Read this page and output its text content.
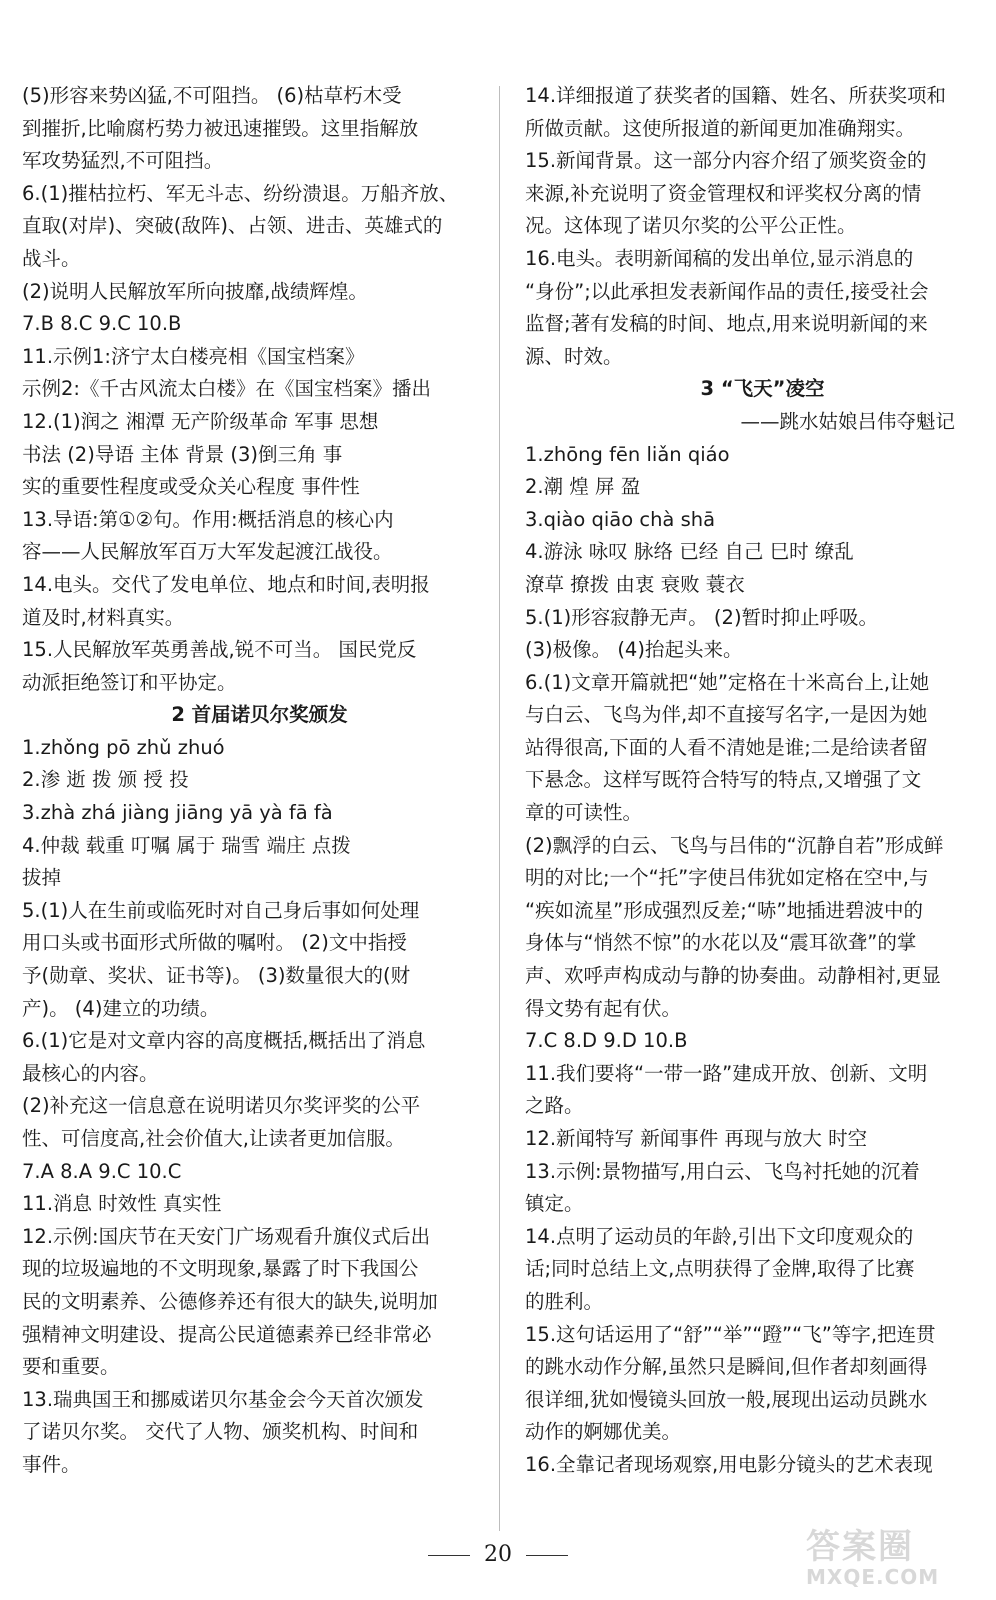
(5)形容来势凶猛,不可阻挡。 (6)枯草朽木受
到摧折,比喻腐朽势力被迅速摧毁。这里指解放
军攻势猛烈,不可阻挡。
6.(1)摧枯拉朽、军无斗志、纷纷溃退。万船齐放、
直取(对岸)、突破(敌阵)、占领、进击、英雄式的
战斗。
(2)说明人民解放军所向披靡,战绩辉煌。
7.B 8.C 9.C 10.B
11.示例1:济宁太白楼亮相《国宝档案》
示例2:《千古风流太白楼》在《国宝档案》播出
12.(1)润之 湘潭 无产阶级革命 军事 思想
书法 (2)导语 主体 背景 (3)倒三角 事
实的重要性程度或受众关心程度 事件性
13.导语:第①②句。作用:概括消息的核心内
容——人民解放军百万大军发起渡江战役。
14.电头。交代了发电单位、地点和时间,表明报
道及时,材料真实。
15.人民解放军英勇善战,锐不可当。 国民党反
动派拒绝签订和平协定。
2 首届诺贝尔奖颁发
1.zhǒng pō zhǔ zhuó
2.渗 逝 拨 颁 授 投
3.zhà zhá jiàng jiāng yā yà fā fà
4.仲裁 载重 叮嘱 属于 瑞雪 端庄 点拨
拔掉
5.(1)人在生前或临死时对自己身后事如何处理
用口头或书面形式所做的嘱咐。 (2)文中指授
予(勋章、奖状、证书等)。 (3)数量很大的(财
产)。 (4)建立的功绩。
6.(1)它是对文章内容的高度概括,概括出了消息
最核心的内容。
(2)补充这一信息意在说明诺贝尔奖评奖的公平
性、可信度高,社会价值大,让读者更加信服。
7.A 8.A 9.C 10.C
11.消息 时效性 真实性
12.示例:国庆节在天安门广场观看升旗仪式后出
现的垃圾遍地的不文明现象,暴露了时下我国公
民的文明素养、公德修养还有很大的缺失,说明加
强精神文明建设、提高公民道德素养已经非常必
要和重要。
13.瑞典国王和挪威诺贝尔基金会今天首次颁发
了诺贝尔奖。 交代了人物、颁奖机构、时间和
事件。
14.详细报道了获奖者的国籍、姓名、所获奖项和
所做贡献。这使所报道的新闻更加准确翔实。
15.新闻背景。这一部分内容介绍了颁奖资金的
来源,补充说明了资金管理权和评奖权分离的情
况。这体现了诺贝尔奖的公平公正性。
16.电头。表明新闻稿的发出单位,显示消息的
“身份”;以此承担发表新闻作品的责任,接受社会
监督;著有发稿的时间、地点,用来说明新闻的来
源、时效。
3 “飞天”凌空
——跳水姑娘吕伟夺魁记
1.zhōng fēn liǎn qiáo
2.潮 煌 屏 盈
3.qiào qiāo chà shā
4.游泳 咏叹 脉络 已经 自己 巳时 缭乱
潦草 撩拨 由衷 衰败 蓑衣
5.(1)形容寂静无声。 (2)暂时抑止呼吸。
(3)极像。 (4)抬起头来。
6.(1)文章开篇就把“她”定格在十米高台上,让她
与白云、飞鸟为伴,却不直接写名字,一是因为她
站得很高,下面的人看不清她是谁;二是给读者留
下悬念。这样写既符合特写的特点,又增强了文
章的可读性。
(2)飘浮的白云、飞鸟与吕伟的“沉静自若”形成鲜
明的对比;一个“托”字使吕伟犹如定格在空中,与
“疾如流星”形成强烈反差;“哧”地插进碧波中的
身体与“悄然不惊”的水花以及“震耳欲聋”的掌
声、欢呼声构成动与静的协奏曲。动静相衬,更显
得文势有起有伏。
7.C 8.D 9.D 10.B
11.我们要将“一带一路”建成开放、创新、文明
之路。
12.新闻特写 新闻事件 再现与放大 时空
13.示例:景物描写,用白云、飞鸟衬托她的沉着
镇定。
14.点明了运动员的年龄,引出下文印度观众的
话;同时总结上文,点明获得了金牌,取得了比赛
的胜利。
15.这句话运用了“舒”“举”“蹬”“飞”等字,把连贯
的跳水动作分解,虽然只是瞬间,但作者却刻画得
很详细,犹如慢镜头回放一般,展现出运动员跳水
动作的婀娜优美。
16.全靠记者现场观察,用电影分镜头的艺术表现
20	答案圈
MXQE.COM
